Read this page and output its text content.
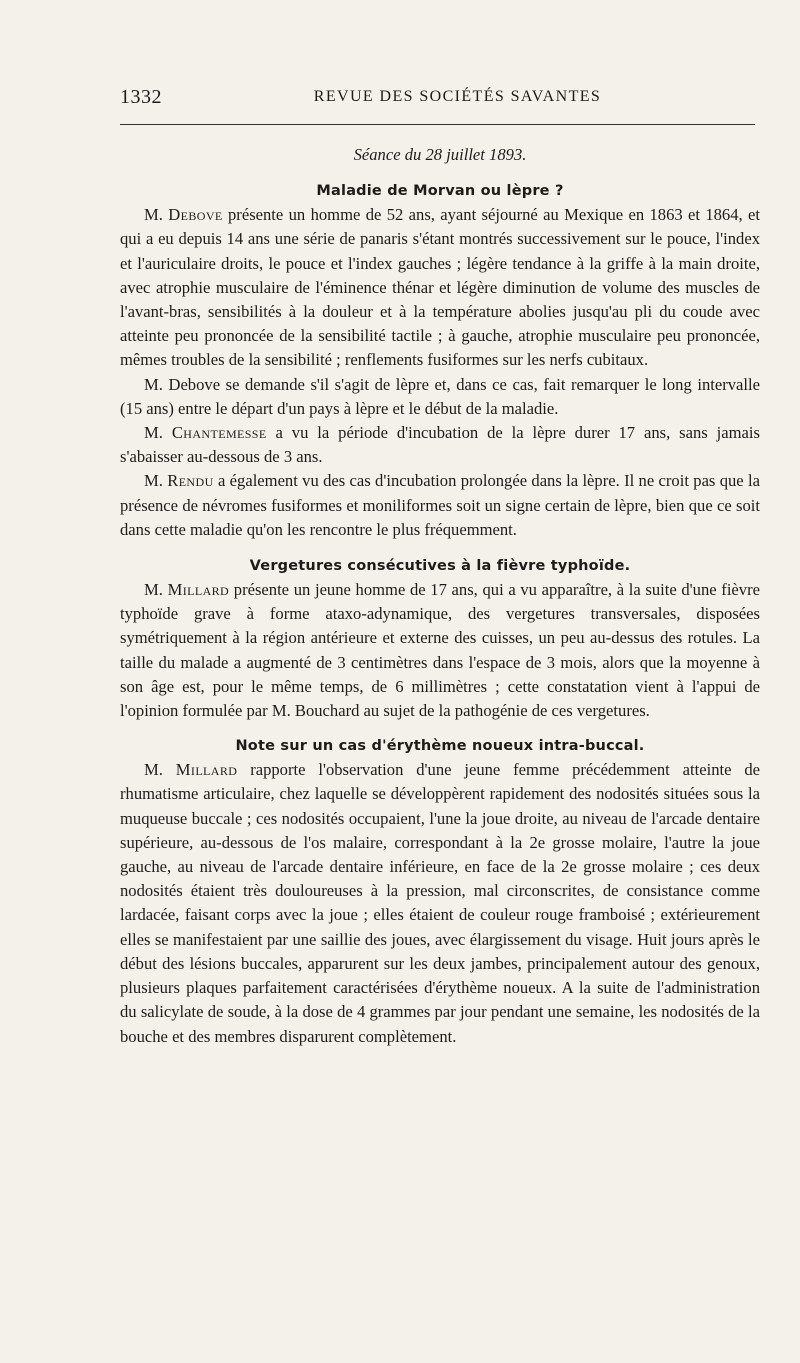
1332	REVUE DES SOCIÉTÉS SAVANTES
Séance du 28 juillet 1893.
Maladie de Morvan ou lèpre ?

M. Debove présente un homme de 52 ans, ayant séjourné au Mexique en 1863 et 1864, et qui a eu depuis 14 ans une série de panaris s'étant montrés successivement sur le pouce, l'index et l'auriculaire droits, le pouce et l'index gauches ; légère tendance à la griffe à la main droite, avec atrophie musculaire de l'éminence thénar et légère diminution de volume des muscles de l'avant-bras, sensibilités à la douleur et à la température abolies jusqu'au pli du coude avec atteinte peu prononcée de la sensibilité tactile ; à gauche, atrophie musculaire peu prononcée, mêmes troubles de la sensibilité ; renflements fusiformes sur les nerfs cubitaux.

M. Debove se demande s'il s'agit de lèpre et, dans ce cas, fait remarquer le long intervalle (15 ans) entre le départ d'un pays à lèpre et le début de la maladie.

M. Chantemesse a vu la période d'incubation de la lèpre durer 17 ans, sans jamais s'abaisser au-dessous de 3 ans.

M. Rendu a également vu des cas d'incubation prolongée dans la lèpre. Il ne croit pas que la présence de névromes fusiformes et moniliformes soit un signe certain de lèpre, bien que ce soit dans cette maladie qu'on les rencontre le plus fréquemment.

Vergetures consécutives à la fièvre typhoïde.

M. Millard présente un jeune homme de 17 ans, qui a vu apparaître, à la suite d'une fièvre typhoïde grave à forme ataxo-adynamique, des vergetures transversales, disposées symétriquement à la région antérieure et externe des cuisses, un peu au-dessus des rotules. La taille du malade a augmenté de 3 centimètres dans l'espace de 3 mois, alors que la moyenne à son âge est, pour le même temps, de 6 millimètres ; cette constatation vient à l'appui de l'opinion formulée par M. Bouchard au sujet de la pathogénie de ces vergetures.

Note sur un cas d'érythème noueux intra-buccal.

M. Millard rapporte l'observation d'une jeune femme précédemment atteinte de rhumatisme articulaire, chez laquelle se développèrent rapidement des nodosités situées sous la muqueuse buccale ; ces nodosités occupaient, l'une la joue droite, au niveau de l'arcade dentaire supérieure, au-dessous de l'os malaire, correspondant à la 2e grosse molaire, l'autre la joue gauche, au niveau de l'arcade dentaire inférieure, en face de la 2e grosse molaire ; ces deux nodosités étaient très douloureuses à la pression, mal circonscrites, de consistance comme lardacée, faisant corps avec la joue ; elles étaient de couleur rouge framboisé ; extérieurement elles se manifestaient par une saillie des joues, avec élargissement du visage. Huit jours après le début des lésions buccales, apparurent sur les deux jambes, principalement autour des genoux, plusieurs plaques parfaitement caractérisées d'érythème noueux. A la suite de l'administration du salicylate de soude, à la dose de 4 grammes par jour pendant une semaine, les nodosités de la bouche et des membres disparurent complètement.
